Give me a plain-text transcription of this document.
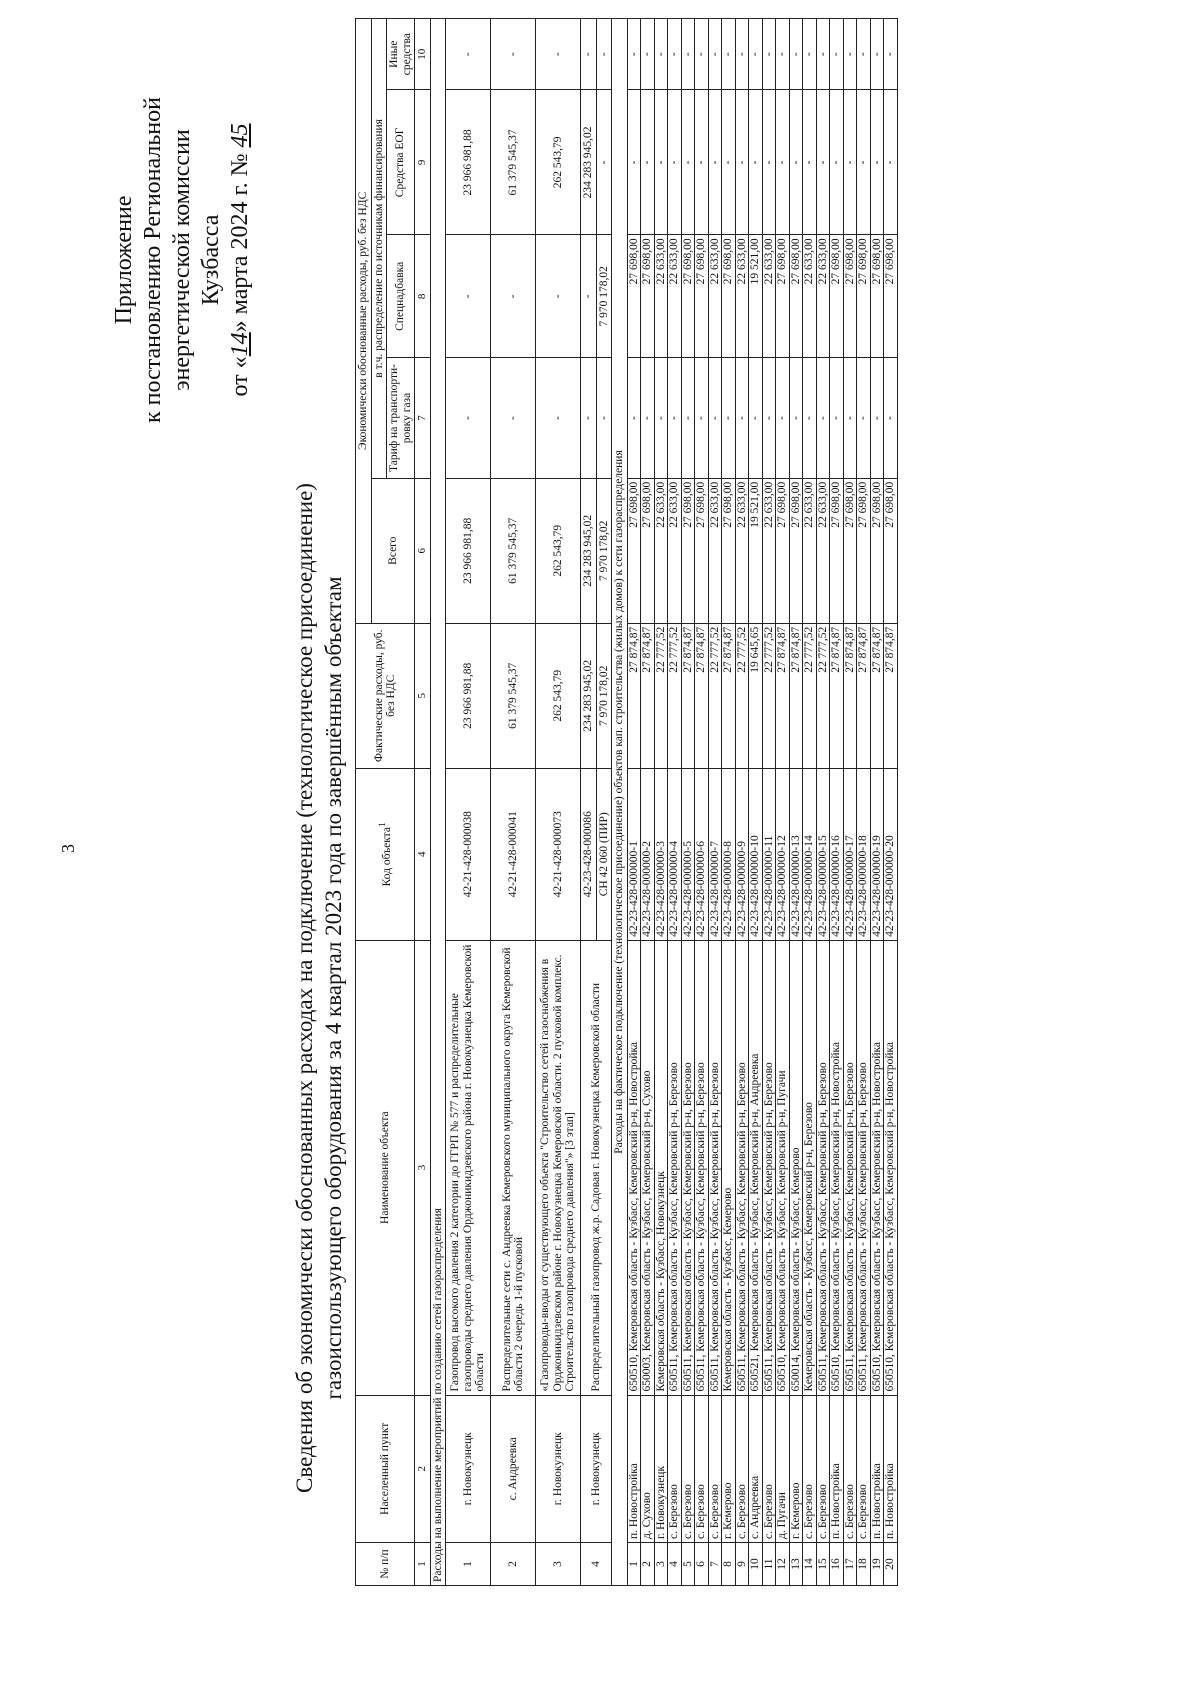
3
Приложение к постановлению Региональной энергетической комиссии Кузбасса
от «14» марта 2024 г. № 45
Сведения об экономически обоснованных расходах на подключение (технологическое присоединение) газоиспользующего оборудования за 4 квартал 2023 года по завершённым объектам
№ п/п	Населенный пункт	Наименование объекта	Код объекта$^1$	Фактические расходы, руб. без НДС	Экономически обоснованные расходы, руб. без НДС				
					Всего	в т.ч. распределение по источникам финансирования			
						Тариф на транспорти-ровку газа	Спецнадбавка	Средства ЕОГ	Иные средства
1	2	3	4	5	6	7	8	9	10
Расходы на выполнение мероприятий по созданию сетей газораспределения									
1	г. Новокузнецк	Газопровод высокого давления 2 категории до ГГРП № 577 и распределительные газопроводы среднего давления Орджоникидзевского района г. Новокузнецка Кемеровской области	42-21-428-000038	23 966 981,88	23 966 981,88	-	-	23 966 981,88	-
2	с. Андреевка	Распределительные сети с. Андреевка Кемеровского муниципального округа Кемеровской области 2 очередь 1-й пусковой	42-21-428-000041	61 379 545,37	61 379 545,37	-	-	61 379 545,37	-
3	г. Новокузнецк	«Газопроводы-вводы от существующего объекта "Строительство сетей газоснабжения в Орджоникидзевском районе г. Новокузнецка Кемеровской области. 2 пусковой комплекс. Строительство газопровода среднего давления"» [3 этап]	42-21-428-000073	262 543,79	262 543,79	-	-	262 543,79	-
4	г. Новокузнецк	Распределительный газопровод ж.р. Садовая г. Новокузнецка Кемеровской области	42-23-428-000086	234 283 945,02	234 283 945,02	-	-	234 283 945,02	-
			СН 42 060 (ПИР)	7 970 178,02	7 970 178,02	-	7 970 178,02	-	-
Расходы на фактическое подключение (технологическое присоединение) объектов кап. строительства (жилых домов) к сети газораспределения									
1	п. Новостройка	650510, Кемеровская область - Кузбасс, Кемеровский р-н, Новостройка	42-23-428-000000-1	27 874,87	27 698,00	-	27 698,00	-	-
2	д. Сухово	650003, Кемеровская область - Кузбасс, Кемеровский р-н, Сухово	42-23-428-000000-2	27 874,87	27 698,00	-	27 698,00	-	-
3	г. Новокузнецк	Кемеровская область - Кузбасс, Новокузнецк	42-23-428-000000-3	22 777,52	22 633,00	-	22 633,00	-	-
4	с. Березово	650511, Кемеровская область - Кузбасс, Кемеровский р-н, Березово	42-23-428-000000-4	22 777,52	22 633,00	-	22 633,00	-	-
5	с. Березово	650511, Кемеровская область - Кузбасс, Кемеровский р-н, Березово	42-23-428-000000-5	27 874,87	27 698,00	-	27 698,00	-	-
6	с. Березово	650511, Кемеровская область - Кузбасс, Кемеровский р-н, Березово	42-23-428-000000-6	27 874,87	27 698,00	-	27 698,00	-	-
7	с. Березово	650511, Кемеровская область - Кузбасс, Кемеровский р-н, Березово	42-23-428-000000-7	22 777,52	22 633,00	-	22 633,00	-	-
8	г. Кемерово	Кемеровская область - Кузбасс, Кемерово	42-23-428-000000-8	27 874,87	27 698,00	-	27 698,00	-	-
9	с. Березово	650511, Кемеровская область - Кузбасс, Кемеровский р-н, Березово	42-23-428-000000-9	22 777,52	22 633,00	-	22 633,00	-	-
10	с. Андреевка	650521, Кемеровская область - Кузбасс, Кемеровский р-н, Андреевка	42-23-428-000000-10	19 645,65	19 521,00	-	19 521,00	-	-
11	с. Березово	650511, Кемеровская область - Кузбасс, Кемеровский р-н, Березово	42-23-428-000000-11	22 777,52	22 633,00	-	22 633,00	-	-
12	д. Пугачи	650510, Кемеровская область - Кузбасс, Кемеровский р-н, Пугачи	42-23-428-000000-12	27 874,87	27 698,00	-	27 698,00	-	-
13	г. Кемерово	650014, Кемеровская область - Кузбасс, Кемерово	42-23-428-000000-13	27 874,87	27 698,00	-	27 698,00	-	-
14	с. Березово	Кемеровская область - Кузбасс, Кемеровский р-н, Березово	42-23-428-000000-14	22 777,52	22 633,00	-	22 633,00	-	-
15	с. Березово	650511, Кемеровская область - Кузбасс, Кемеровский р-н, Березово	42-23-428-000000-15	22 777,52	22 633,00	-	22 633,00	-	-
16	п. Новостройка	650510, Кемеровская область - Кузбасс, Кемеровский р-н, Новостройка	42-23-428-000000-16	27 874,87	27 698,00	-	27 698,00	-	-
17	с. Березово	650511, Кемеровская область - Кузбасс, Кемеровский р-н, Березово	42-23-428-000000-17	27 874,87	27 698,00	-	27 698,00	-	-
18	с. Березово	650511, Кемеровская область - Кузбасс, Кемеровский р-н, Березово	42-23-428-000000-18	27 874,87	27 698,00	-	27 698,00	-	-
19	п. Новостройка	650510, Кемеровская область - Кузбасс, Кемеровский р-н, Новостройка	42-23-428-000000-19	27 874,87	27 698,00	-	27 698,00	-	-
20	п. Новостройка	650510, Кемеровская область - Кузбасс, Кемеровский р-н, Новостройка	42-23-428-000000-20	27 874,87	27 698,00	-	27 698,00	-	-
